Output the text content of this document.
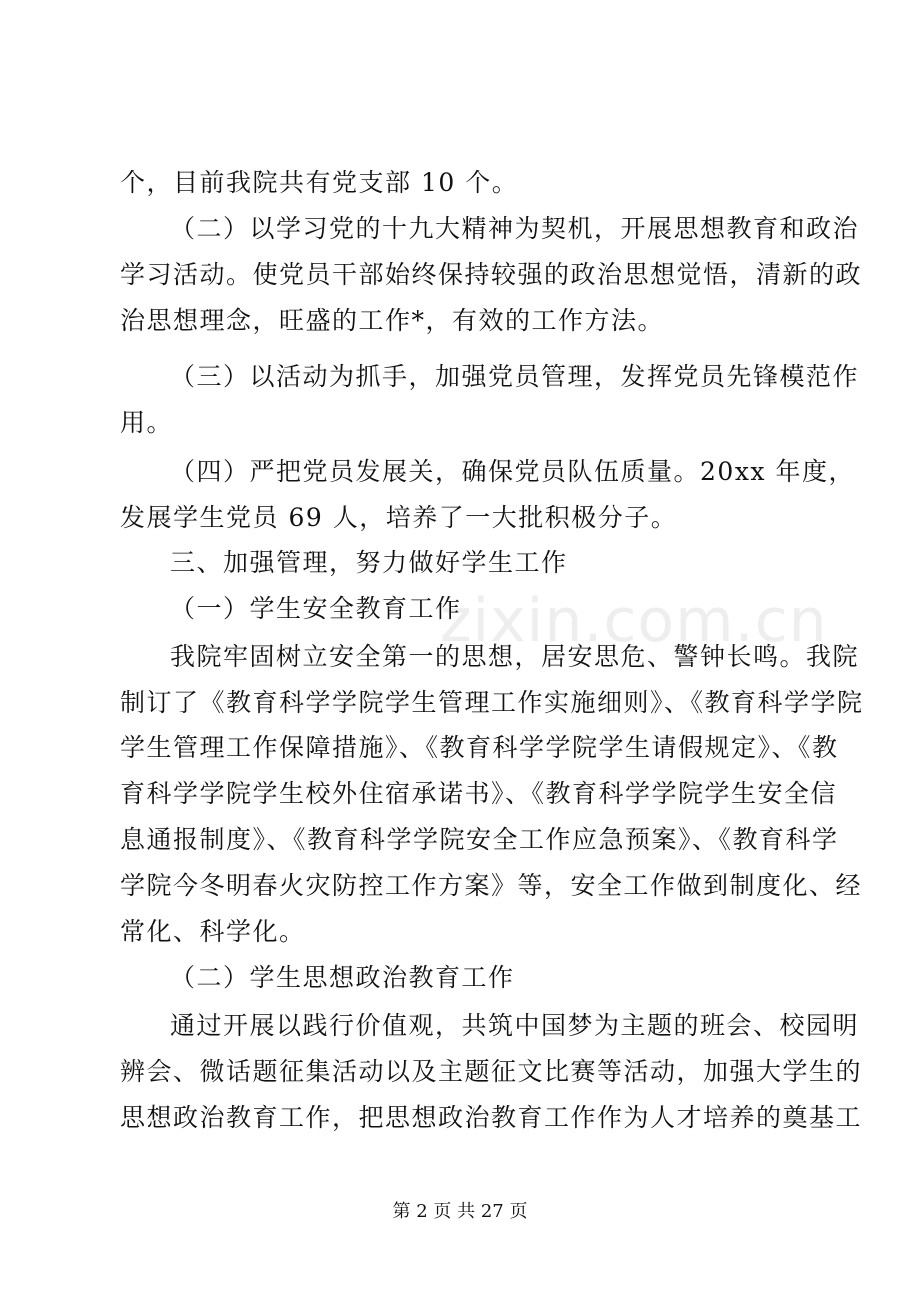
zixin.com.cn
个，目前我院共有党支部 10 个。
（二）以学习党的十九大精神为契机，开展思想教育和政治
学习活动。使党员干部始终保持较强的政治思想觉悟，清新的政
治思想理念，旺盛的工作*，有效的工作方法。
（三）以活动为抓手，加强党员管理，发挥党员先锋模范作
用。
（四）严把党员发展关，确保党员队伍质量。20xx 年度，
发展学生党员 69 人，培养了一大批积极分子。
三、加强管理，努力做好学生工作
（一）学生安全教育工作
我院牢固树立安全第一的思想，居安思危、警钟长鸣。我院
制订了《教育科学学院学生管理工作实施细则》、《教育科学学院
学生管理工作保障措施》、《教育科学学院学生请假规定》、《教
育科学学院学生校外住宿承诺书》、《教育科学学院学生安全信
息通报制度》、《教育科学学院安全工作应急预案》、《教育科学
学院今冬明春火灾防控工作方案》等，安全工作做到制度化、经
常化、科学化。
（二）学生思想政治教育工作
通过开展以践行价值观，共筑中国梦为主题的班会、校园明
辨会、微话题征集活动以及主题征文比赛等活动，加强大学生的
思想政治教育工作，把思想政治教育工作作为人才培养的奠基工
第 2 页 共 27 页
